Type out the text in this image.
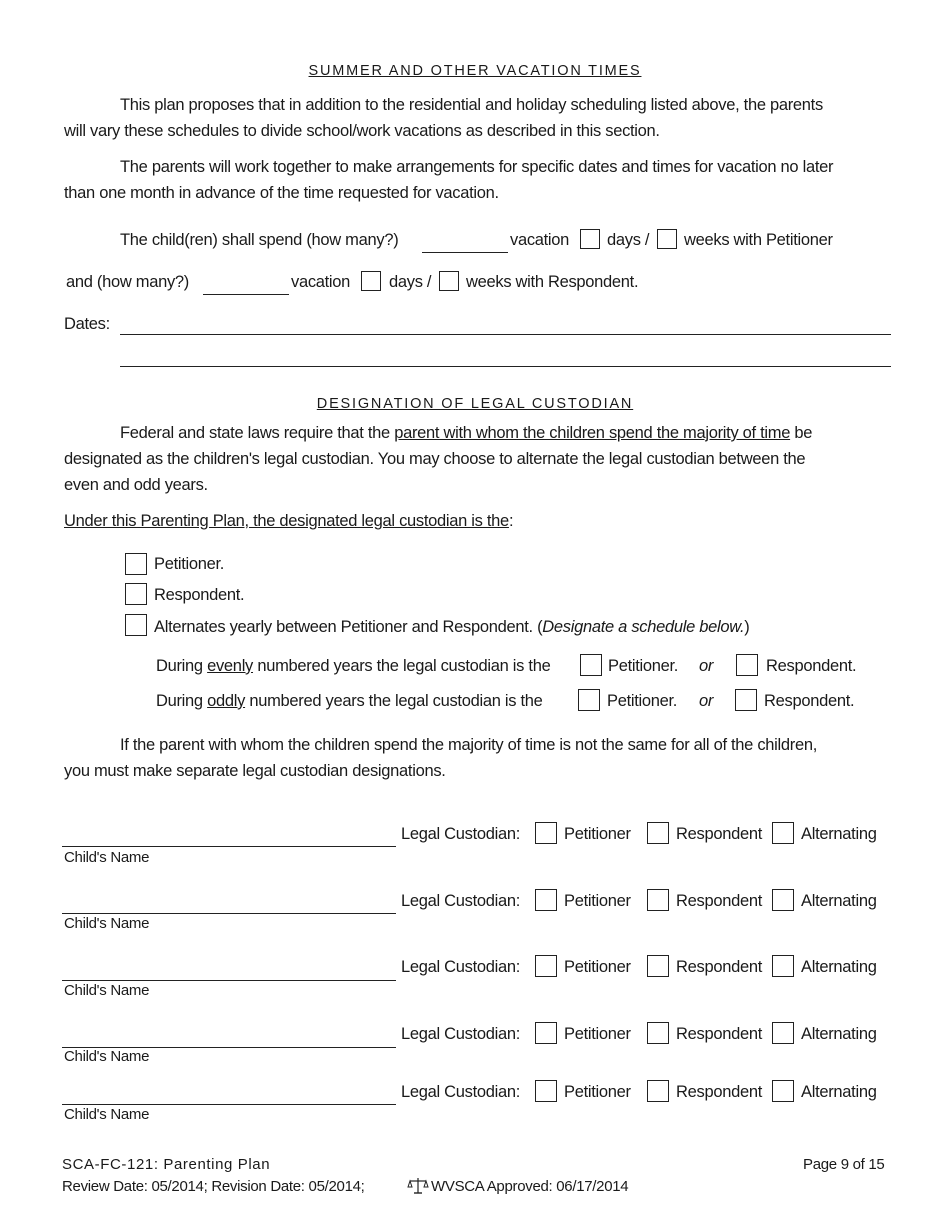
SUMMER AND OTHER VACATION TIMES
This plan proposes that in addition to the residential and holiday scheduling listed above, the parents
will vary these schedules to divide school/work vacations as described in this section.
The parents will work together to make arrangements for specific dates and times for vacation no later
than one month in advance of the time requested for vacation.
The child(ren) shall spend (how many?)	vacation days / weeks with Petitioner
and (how many?)	vacation days / weeks with Respondent.
Dates:
DESIGNATION OF LEGAL CUSTODIAN
Federal and state laws require that the parent with whom the children spend the majority of time be
designated as the children's legal custodian. You may choose to alternate the legal custodian between the
even and odd years.
Under this Parenting Plan, the designated legal custodian is the:
Petitioner.
Respondent.
Alternates yearly between Petitioner and Respondent. (Designate a schedule below.)
During evenly numbered years the legal custodian is the	Petitioner. or	Respondent.
During oddly numbered years the legal custodian is the	Petitioner. or	Respondent.
If the parent with whom the children spend the majority of time is not the same for all of the children,
you must make separate legal custodian designations.
Child's Name
Legal Custodian:	Petitioner	Respondent Alternating
Child's Name
Legal Custodian:	Petitioner	Respondent Alternating
Child's Name
Legal Custodian:	Petitioner	Respondent Alternating
Child's Name
Legal Custodian:	Petitioner	Respondent Alternating
Child's Name
Legal Custodian:	Petitioner	Respondent Alternating
SCA-FC-121: Parenting Plan	Page 9 of 15
Review Date: 05/2014; Revision Date: 05/2014;	WVSCA Approved: 06/17/2014
